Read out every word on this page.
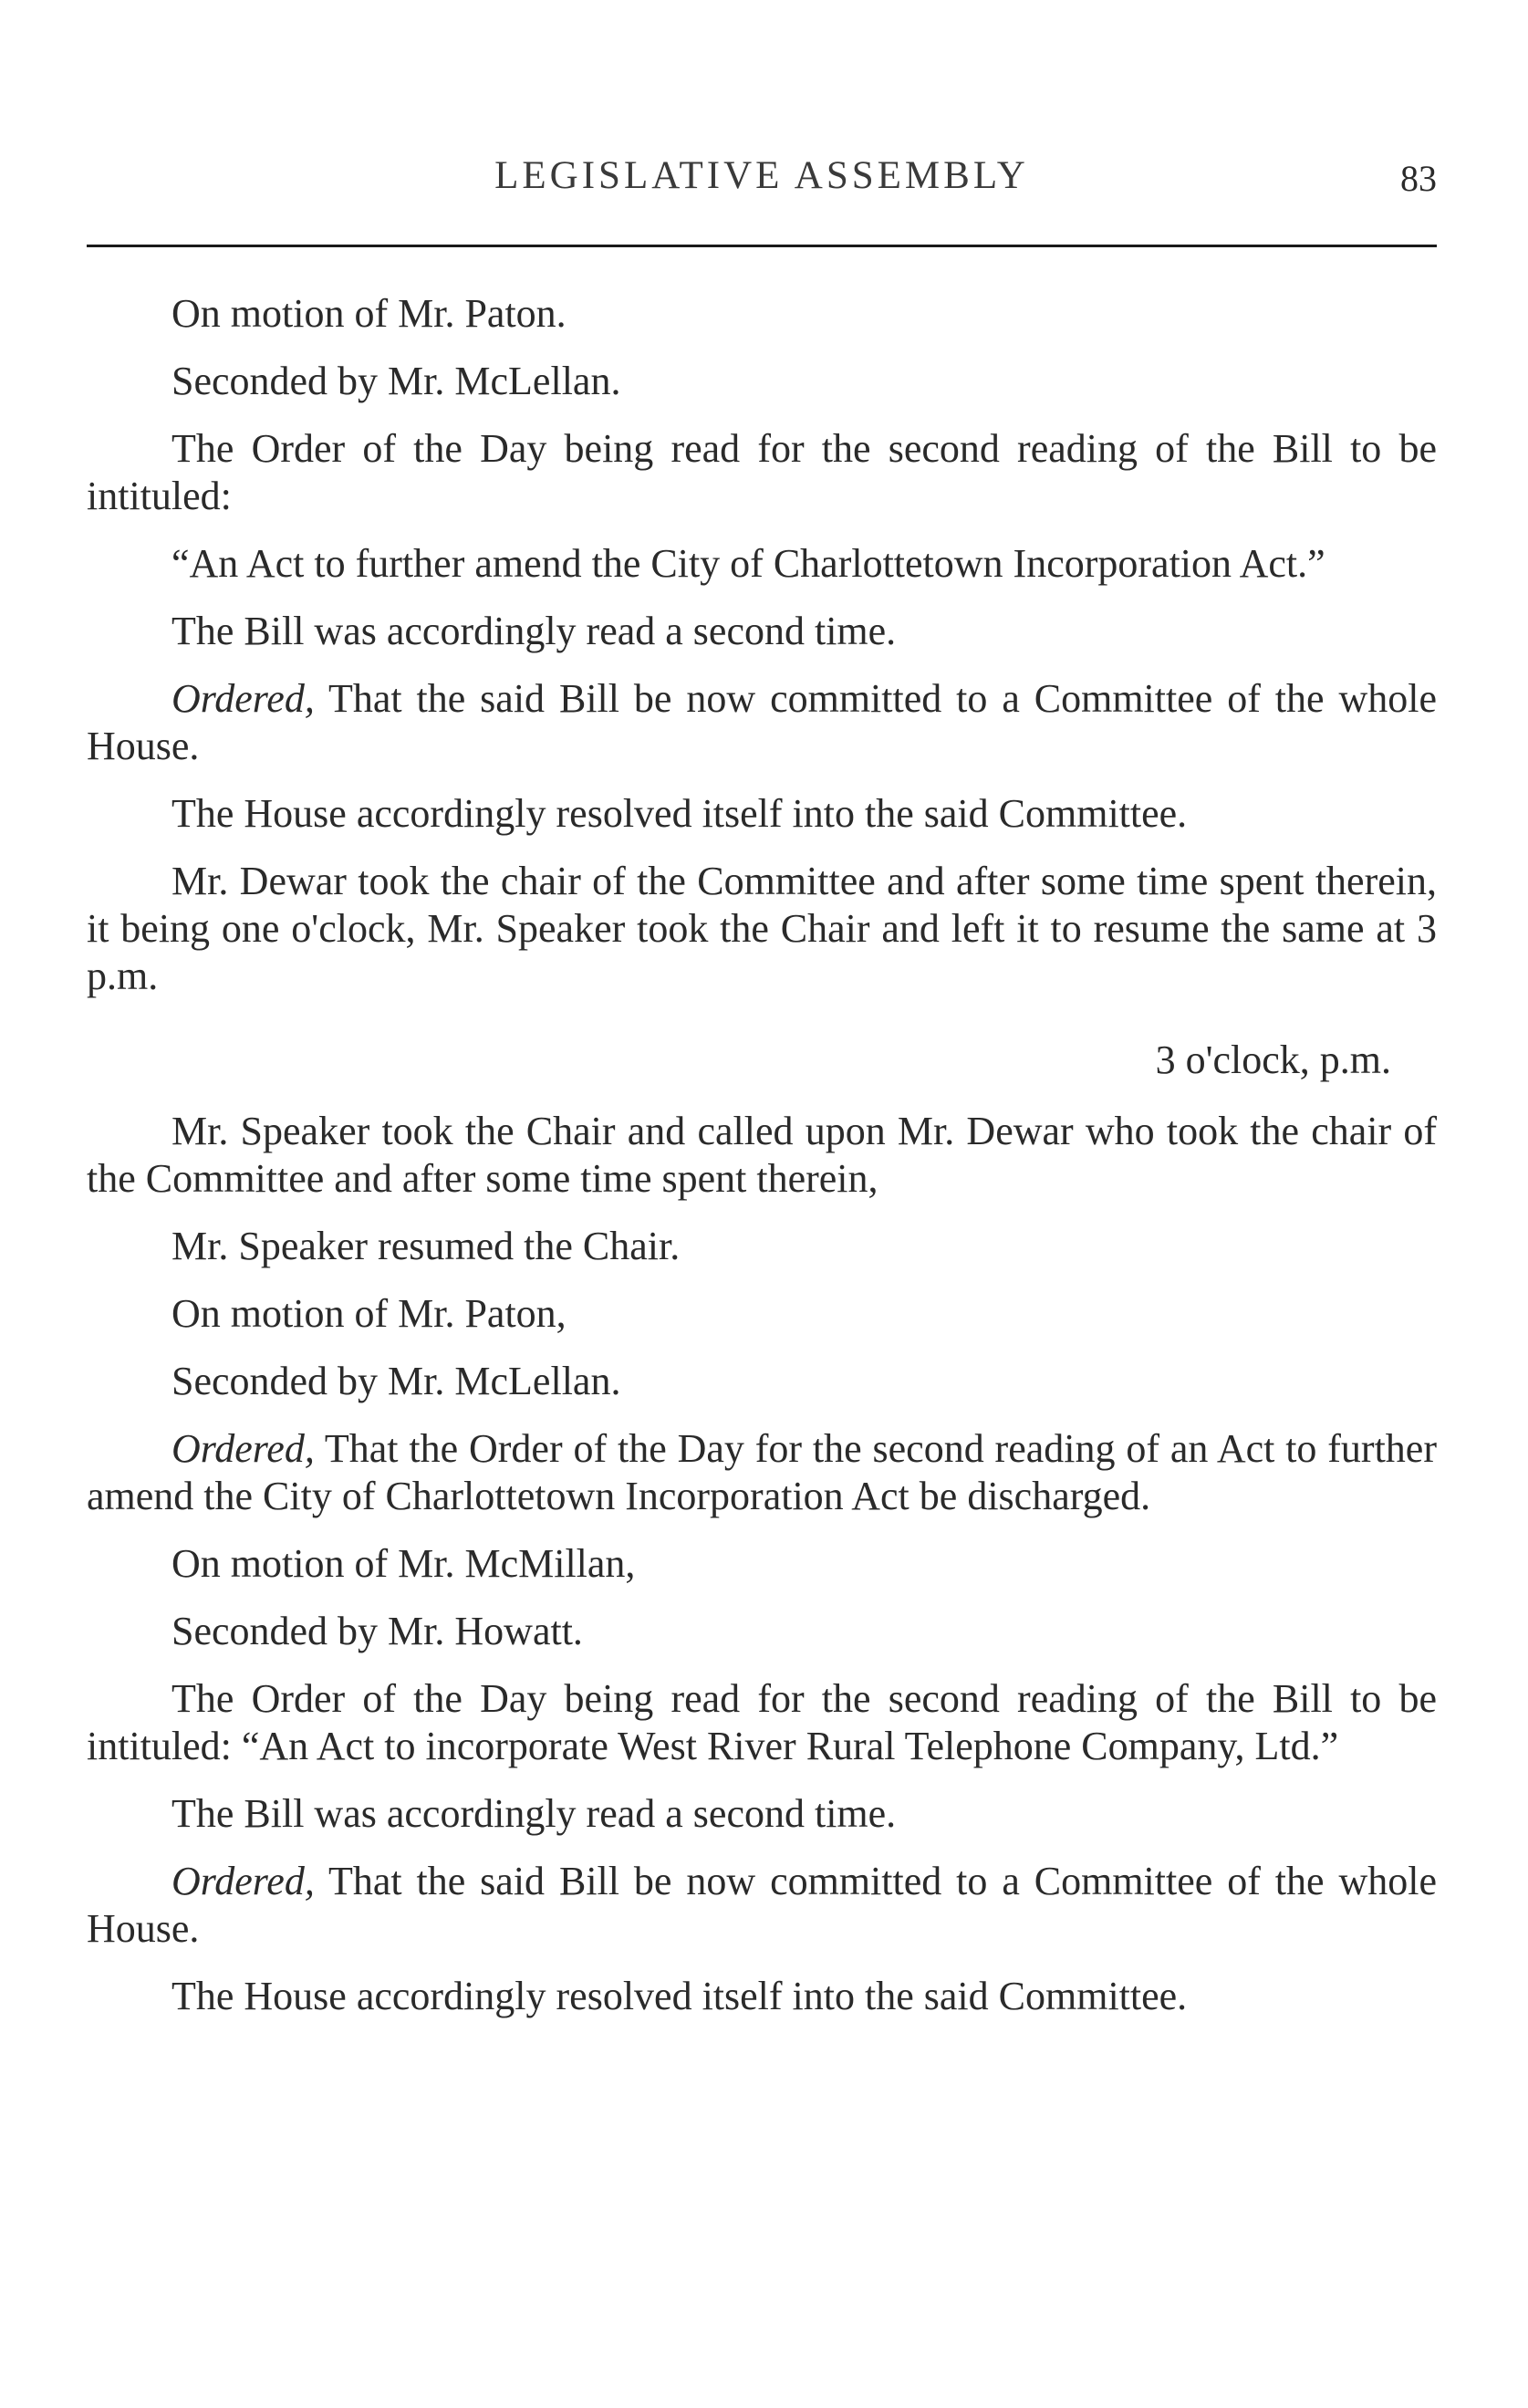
LEGISLATIVE ASSEMBLY	83

On motion of Mr. Paton.

Seconded by Mr. McLellan.

The Order of the Day being read for the second reading of the Bill to be intituled:

“An Act to further amend the City of Charlottetown Incorporation Act.”

The Bill was accordingly read a second time.

Ordered, That the said Bill be now committed to a Committee of the whole House.

The House accordingly resolved itself into the said Committee.

Mr. Dewar took the chair of the Committee and after some time spent therein, it being one o'clock, Mr. Speaker took the Chair and left it to resume the same at 3 p.m.

3 o'clock, p.m.

Mr. Speaker took the Chair and called upon Mr. Dewar who took the chair of the Committee and after some time spent therein,

Mr. Speaker resumed the Chair.

On motion of Mr. Paton,

Seconded by Mr. McLellan.

Ordered, That the Order of the Day for the second reading of an Act to further amend the City of Charlottetown Incorporation Act be discharged.

On motion of Mr. McMillan,

Seconded by Mr. Howatt.

The Order of the Day being read for the second reading of the Bill to be intituled: “An Act to incorporate West River Rural Telephone Company, Ltd.”

The Bill was accordingly read a second time.

Ordered, That the said Bill be now committed to a Committee of the whole House.

The House accordingly resolved itself into the said Committee.
